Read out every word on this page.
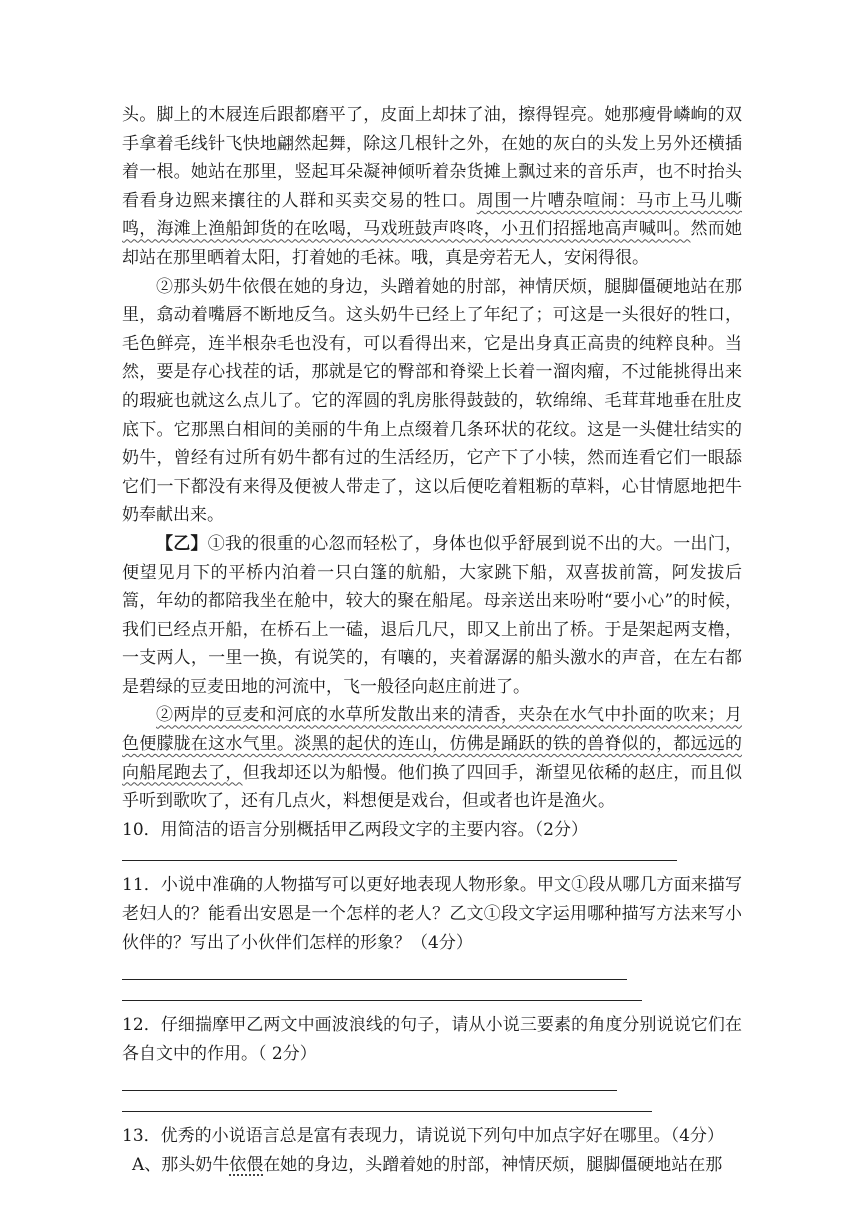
头。脚上的木屐连后跟都磨平了，皮面上却抹了油，擦得锃亮。她那瘦骨嶙峋的双手拿着毛线针飞快地翩然起舞，除这几根针之外，在她的灰白的头发上另外还横插着一根。她站在那里，竖起耳朵凝神倾听着杂货摊上飘过来的音乐声，也不时抬头看看身边熙来攘往的人群和买卖交易的牲口。周围一片嘈杂喧闹：马市上马儿嘶鸣，海滩上渔船卸货的在吆喝，马戏班鼓声咚咚，小丑们招摇地高声喊叫。然而她却站在那里晒着太阳，打着她的毛袜。哦，真是旁若无人，安闲得很。

②那头奶牛依偎在她的身边，头蹭着她的肘部，神情厌烦，腿脚僵硬地站在那里，翕动着嘴唇不断地反刍。这头奶牛已经上了年纪了；可这是一头很好的牲口，毛色鲜亮，连半根杂毛也没有，可以看得出来，它是出身真正高贵的纯粹良种。当然，要是存心找茬的话，那就是它的臀部和脊梁上长着一溜肉瘤，不过能挑得出来的瑕疵也就这么点儿了。它的浑圆的乳房胀得鼓鼓的，软绵绵、毛茸茸地垂在肚皮底下。它那黑白相间的美丽的牛角上点缀着几条环状的花纹。这是一头健壮结实的奶牛，曾经有过所有奶牛都有过的生活经历，它产下了小犊，然而连看它们一眼舔它们一下都没有来得及便被人带走了，这以后便吃着粗粝的草料，心甘情愿地把牛奶奉献出来。

【乙】①我的很重的心忽而轻松了，身体也似乎舒展到说不出的大。一出门，便望见月下的平桥内泊着一只白篷的航船，大家跳下船，双喜拔前篙，阿发拔后篙，年幼的都陪我坐在舱中，较大的聚在船尾。母亲送出来吩咐“要小心”的时候，我们已经点开船，在桥石上一磕，退后几尺，即又上前出了桥。于是架起两支橹，一支两人，一里一换，有说笑的，有嚷的，夹着潺潺的船头激水的声音，在左右都是碧绿的豆麦田地的河流中，飞一般径向赵庄前进了。

②两岸的豆麦和河底的水草所发散出来的清香，夹杂在水气中扑面的吹来；月色便朦胧在这水气里。淡黑的起伏的连山，仿佛是踊跃的铁的兽脊似的，都远远的向船尾跑去了，但我却还以为船慢。他们换了四回手，渐望见依稀的赵庄，而且似乎听到歌吹了，还有几点火，料想便是戏台，但或者也许是渔火。

10．用简洁的语言分别概括甲乙两段文字的主要内容。（2分）

11．小说中准确的人物描写可以更好地表现人物形象。甲文①段从哪几方面来描写老妇人的？能看出安恩是一个怎样的老人？乙文①段文字运用哪种描写方法来写小伙伴的？写出了小伙伴们怎样的形象？（4分）

12．仔细揣摩甲乙两文中画波浪线的句子，请从小说三要素的角度分别说说它们在各自文中的作用。（ 2分）

13．优秀的小说语言总是富有表现力，请说说下列句中加点字好在哪里。（4分）

A、那头奶牛依偎在她的身边，头蹭着她的肘部，神情厌烦，腿脚僵硬地站在那
